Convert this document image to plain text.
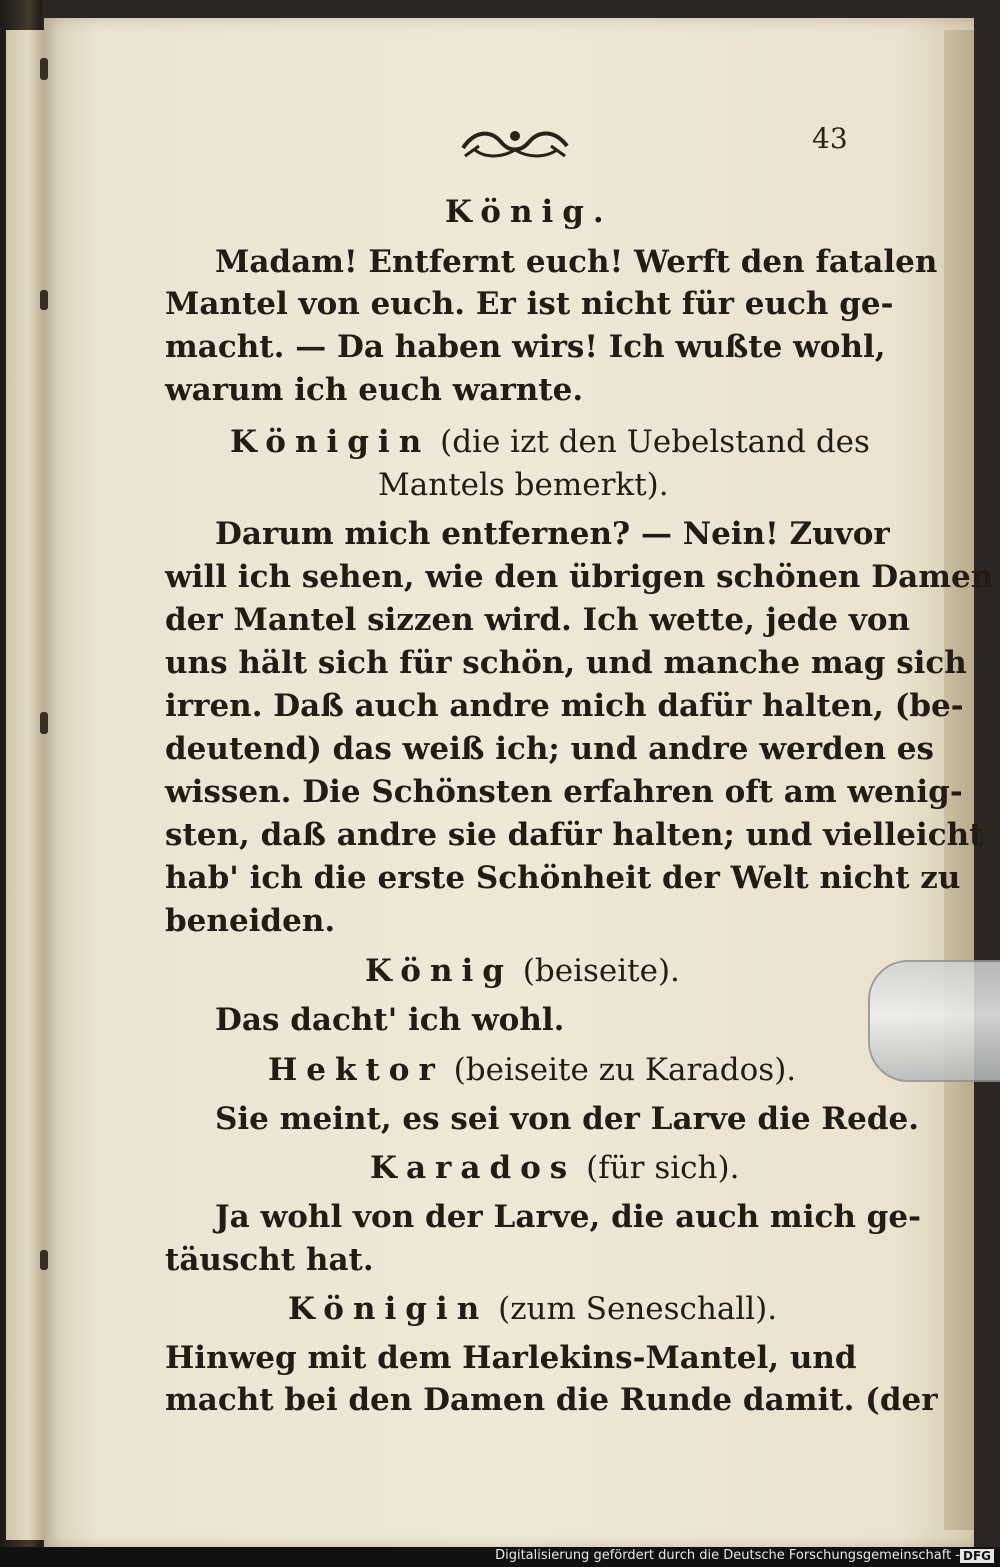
43
König.
Madam! Entfernt euch! Werft den fatalen
Mantel von euch. Er ist nicht für euch ge-
macht. — Da haben wirs! Ich wußte wohl,
warum ich euch warnte.
Königin (die izt den Uebelstand des
Mantels bemerkt).
Darum mich entfernen? — Nein! Zuvor
will ich sehen, wie den übrigen schönen Damen
der Mantel sizzen wird. Ich wette, jede von
uns hält sich für schön, und manche mag sich
irren. Daß auch andre mich dafür halten, (be-
deutend) das weiß ich; und andre werden es
wissen. Die Schönsten erfahren oft am wenig-
sten, daß andre sie dafür halten; und vielleicht
hab' ich die erste Schönheit der Welt nicht zu
beneiden.
König (beiseite).
Das dacht' ich wohl.
Hektor (beiseite zu Karados).
Sie meint, es sei von der Larve die Rede.
Karados (für sich).
Ja wohl von der Larve, die auch mich ge-
täuscht hat.
Königin (zum Seneschall).
Hinweg mit dem Harlekins-Mantel, und
macht bei den Damen die Runde damit. (der
Digitalisierung gefördert durch die Deutsche Forschungsgemeinschaft - DFG
